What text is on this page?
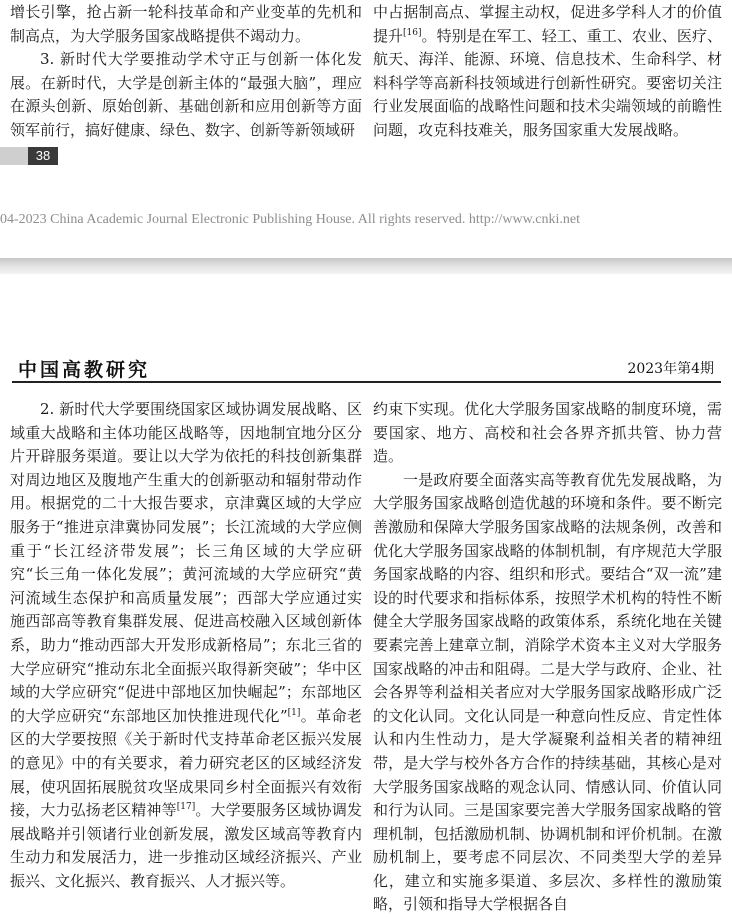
增长引擎，抢占新一轮科技革命和产业变革的先机和制高点，为大学服务国家战略提供不竭动力。

3. 新时代大学要推动学术守正与创新一体化发展。在新时代，大学是创新主体的“最强大脑”，理应在源头创新、原始创新、基础创新和应用创新等方面领军前行，搞好健康、绿色、数字、创新等新领域研

中占据制高点、掌握主动权，促进多学科人才的价值提升[16]。特别是在军工、轻工、重工、农业、医疗、航天、海洋、能源、环境、信息技术、生命科学、材料科学等高新科技领域进行创新性研究。要密切关注行业发展面临的战略性问题和技术尖端领域的前瞻性问题，攻克科技难关，服务国家重大发展战略。

38
04-2023 China Academic Journal Electronic Publishing House. All rights reserved. http://www.cnki.net
中国高教研究	2023年第4期

2. 新时代大学要围绕国家区域协调发展战略、区域重大战略和主体功能区战略等，因地制宜地分区分片开辟服务渠道。要让以大学为依托的科技创新集群对周边地区及腹地产生重大的创新驱动和辐射带动作用。根据党的二十大报告要求，京津冀区域的大学应服务于“推进京津冀协同发展”；长江流域的大学应侧重于“长江经济带发展”；长三角区域的大学应研究“长三角一体化发展”；黄河流域的大学应研究“黄河流域生态保护和高质量发展”；西部大学应通过实施西部高等教育集群发展、促进高校融入区域创新体系，助力“推动西部大开发形成新格局”；东北三省的大学应研究“推动东北全面振兴取得新突破”；华中区域的大学应研究“促进中部地区加快崛起”；东部地区的大学应研究“东部地区加快推进现代化”[1]。革命老区的大学要按照《关于新时代支持革命老区振兴发展的意见》中的有关要求，着力研究老区的区域经济发展，使巩固拓展脱贫攻坚成果同乡村全面振兴有效衔接，大力弘扬老区精神等[17]。大学要服务区域协调发展战略并引领诸行业创新发展，激发区域高等教育内生动力和发展活力，进一步推动区域经济振兴、产业振兴、文化振兴、教育振兴、人才振兴等。

约束下实现。优化大学服务国家战略的制度环境，需要国家、地方、高校和社会各界齐抓共管、协力营造。

一是政府要全面落实高等教育优先发展战略，为大学服务国家战略创造优越的环境和条件。要不断完善激励和保障大学服务国家战略的法规条例，改善和优化大学服务国家战略的体制机制，有序规范大学服务国家战略的内容、组织和形式。要结合“双一流”建设的时代要求和指标体系，按照学术机构的特性不断健全大学服务国家战略的政策体系，系统化地在关键要素完善上建章立制，消除学术资本主义对大学服务国家战略的冲击和阻碍。二是大学与政府、企业、社会各界等利益相关者应对大学服务国家战略形成广泛的文化认同。文化认同是一种意向性反应、肯定性体认和内生性动力，是大学凝聚利益相关者的精神纽带，是大学与校外各方合作的持续基础，其核心是对大学服务国家战略的观念认同、情感认同、价值认同和行为认同。三是国家要完善大学服务国家战略的管理机制，包括激励机制、协调机制和评价机制。在激励机制上，要考虑不同层次、不同类型大学的差异化，建立和实施多渠道、多层次、多样性的激励策略，引领和指导大学根据各自
